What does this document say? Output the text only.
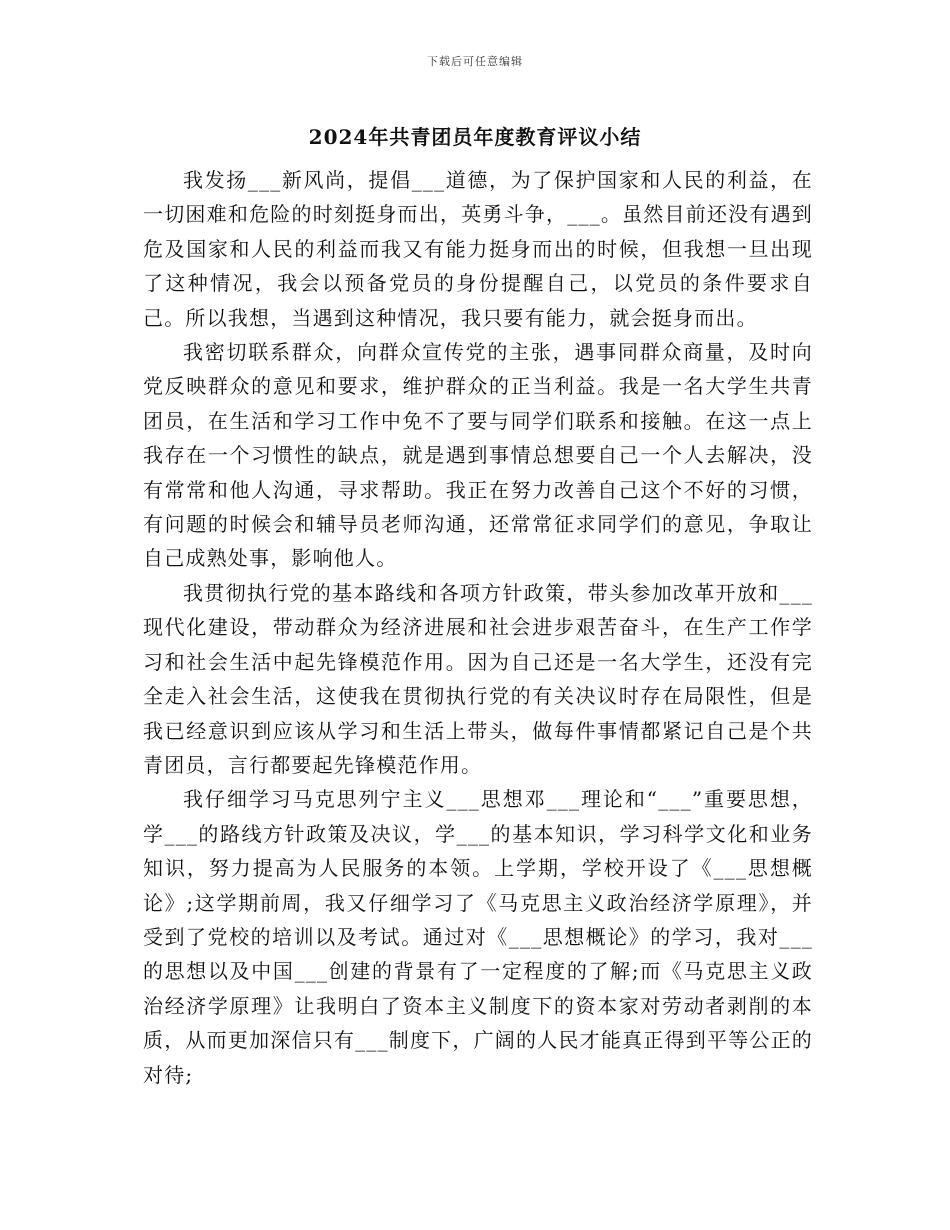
下载后可任意编辑
2024年共青团员年度教育评议小结

我发扬___新风尚，提倡___道德，为了保护国家和人民的利益，在一切困难和危险的时刻挺身而出，英勇斗争，___。虽然目前还没有遇到危及国家和人民的利益而我又有能力挺身而出的时候，但我想一旦出现了这种情况，我会以预备党员的身份提醒自己，以党员的条件要求自己。所以我想，当遇到这种情况，我只要有能力，就会挺身而出。

我密切联系群众，向群众宣传党的主张，遇事同群众商量，及时向党反映群众的意见和要求，维护群众的正当利益。我是一名大学生共青团员，在生活和学习工作中免不了要与同学们联系和接触。在这一点上我存在一个习惯性的缺点，就是遇到事情总想要自己一个人去解决，没有常常和他人沟通，寻求帮助。我正在努力改善自己这个不好的习惯，有问题的时候会和辅导员老师沟通，还常常征求同学们的意见，争取让自己成熟处事，影响他人。

我贯彻执行党的基本路线和各项方针政策，带头参加改革开放和___现代化建设，带动群众为经济进展和社会进步艰苦奋斗，在生产工作学习和社会生活中起先锋模范作用。因为自己还是一名大学生，还没有完全走入社会生活，这使我在贯彻执行党的有关决议时存在局限性，但是我已经意识到应该从学习和生活上带头，做每件事情都紧记自己是个共青团员，言行都要起先锋模范作用。

我仔细学习马克思列宁主义___思想邓___理论和“___”重要思想，学___的路线方针政策及决议，学___的基本知识，学习科学文化和业务知识，努力提高为人民服务的本领。上学期，学校开设了《___思想概论》;这学期前周，我又仔细学习了《马克思主义政治经济学原理》，并受到了党校的培训以及考试。通过对《___思想概论》的学习，我对___的思想以及中国___创建的背景有了一定程度的了解;而《马克思主义政治经济学原理》让我明白了资本主义制度下的资本家对劳动者剥削的本质，从而更加深信只有___制度下，广阔的人民才能真正得到平等公正的对待;
